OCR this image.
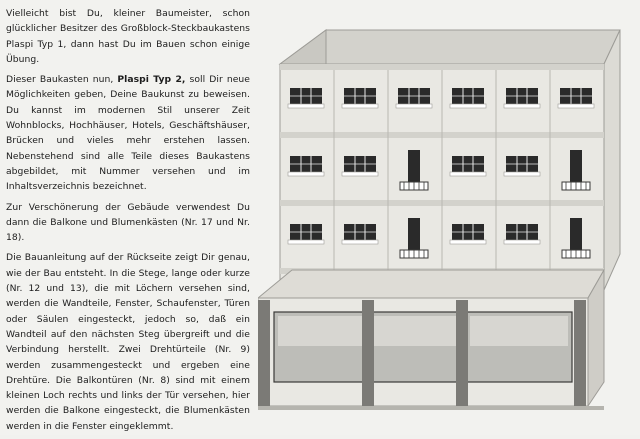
Vielleicht bist Du, kleiner Baumeister, schon glücklicher Besitzer des Großblock-Steckbaukastens Plaspi Typ 1, dann hast Du im Bauen schon einige Übung.

Dieser Baukasten nun, Plaspi Typ 2, soll Dir neue Möglichkeiten geben, Deine Baukunst zu beweisen. Du kannst im modernen Stil unserer Zeit Wohnblocks, Hochhäuser, Hotels, Geschäftshäuser, Brücken und vieles mehr erstehen lassen. Nebenstehend sind alle Teile dieses Baukastens abgebildet, mit Nummer versehen und im Inhaltsverzeichnis bezeichnet.

Zur Verschönerung der Gebäude verwendest Du dann die Balkone und Blumenkästen (Nr. 17 und Nr. 18).

Die Bauanleitung auf der Rückseite zeigt Dir genau, wie der Bau entsteht. In die Stege, lange oder kurze (Nr. 12 und 13), die mit Löchern versehen sind, werden die Wandteile, Fenster, Schaufenster, Türen oder Säulen eingesteckt, jedoch so, daß ein Wandteil auf den nächsten Steg übergreift und die Verbindung herstellt. Zwei Drehtürteile (Nr. 9) werden zusammengesteckt und ergeben eine Drehtüre. Die Balkontüren (Nr. 8) sind mit einem kleinen Loch rechts und links der Tür versehen, hier werden die Balkone eingesteckt, die Blumenkästen werden in die Fenster eingeklemmt.
